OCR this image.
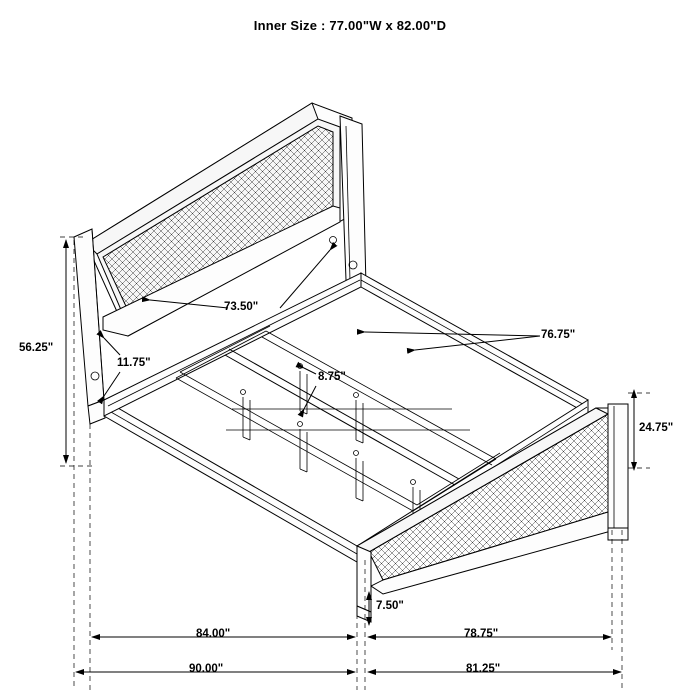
Inner Size : 77.00"W x 82.00"D
56.25"
73.50"
76.75"
11.75"
8.75"
24.75"
7.50"
84.00"	78.75"
90.00"	81.25"
